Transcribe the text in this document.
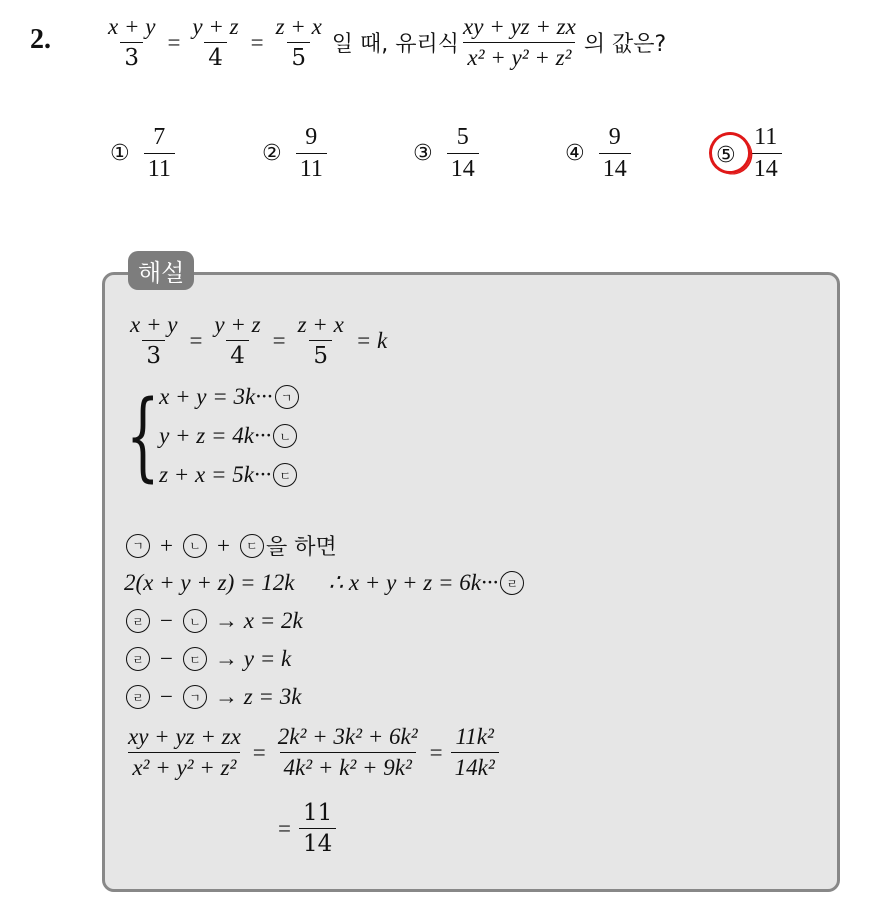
2. $\frac{x + y}{3} = \frac{y + z}{4} = \frac{z + x}{5}$ 일 때, 유리식 $\frac{xy + yz + zx}{\text{x² + y² + z²}}$ 의 값은?
① $\frac{7}{11}$	② $\frac{9}{11}$	③ $\frac{5}{14}$	④ $\frac{9}{14}$	⑤ $\frac{11}{14}$
해설
$\frac{x + y}{3} = \frac{y + z}{4} = \frac{z + x}{5} = k$
{ x + y = 3k··· ㄱ
y + z = 4k··· ㄴ
z + x = 5k··· ㄷ
ㄱ +	ㄴ +	ㄷ 을 하면
2(x + y + z) = 12k ∴ x + y + z = 6k··· ㄹ
ㄹ −	ㄴ → x = 2k
ㄹ −	ㄷ → y = k
ㄹ −	ㄱ → z = 3k
$\frac{xy + yz + zx}{\text{x² + y² + z²}} = \frac{\text{2k² + 3k² + 6k²}}{\text{4k² + k² + 9k²}} = \frac{\text{11k²}}{\text{14k²}}$
= $\frac{11}{14}$
